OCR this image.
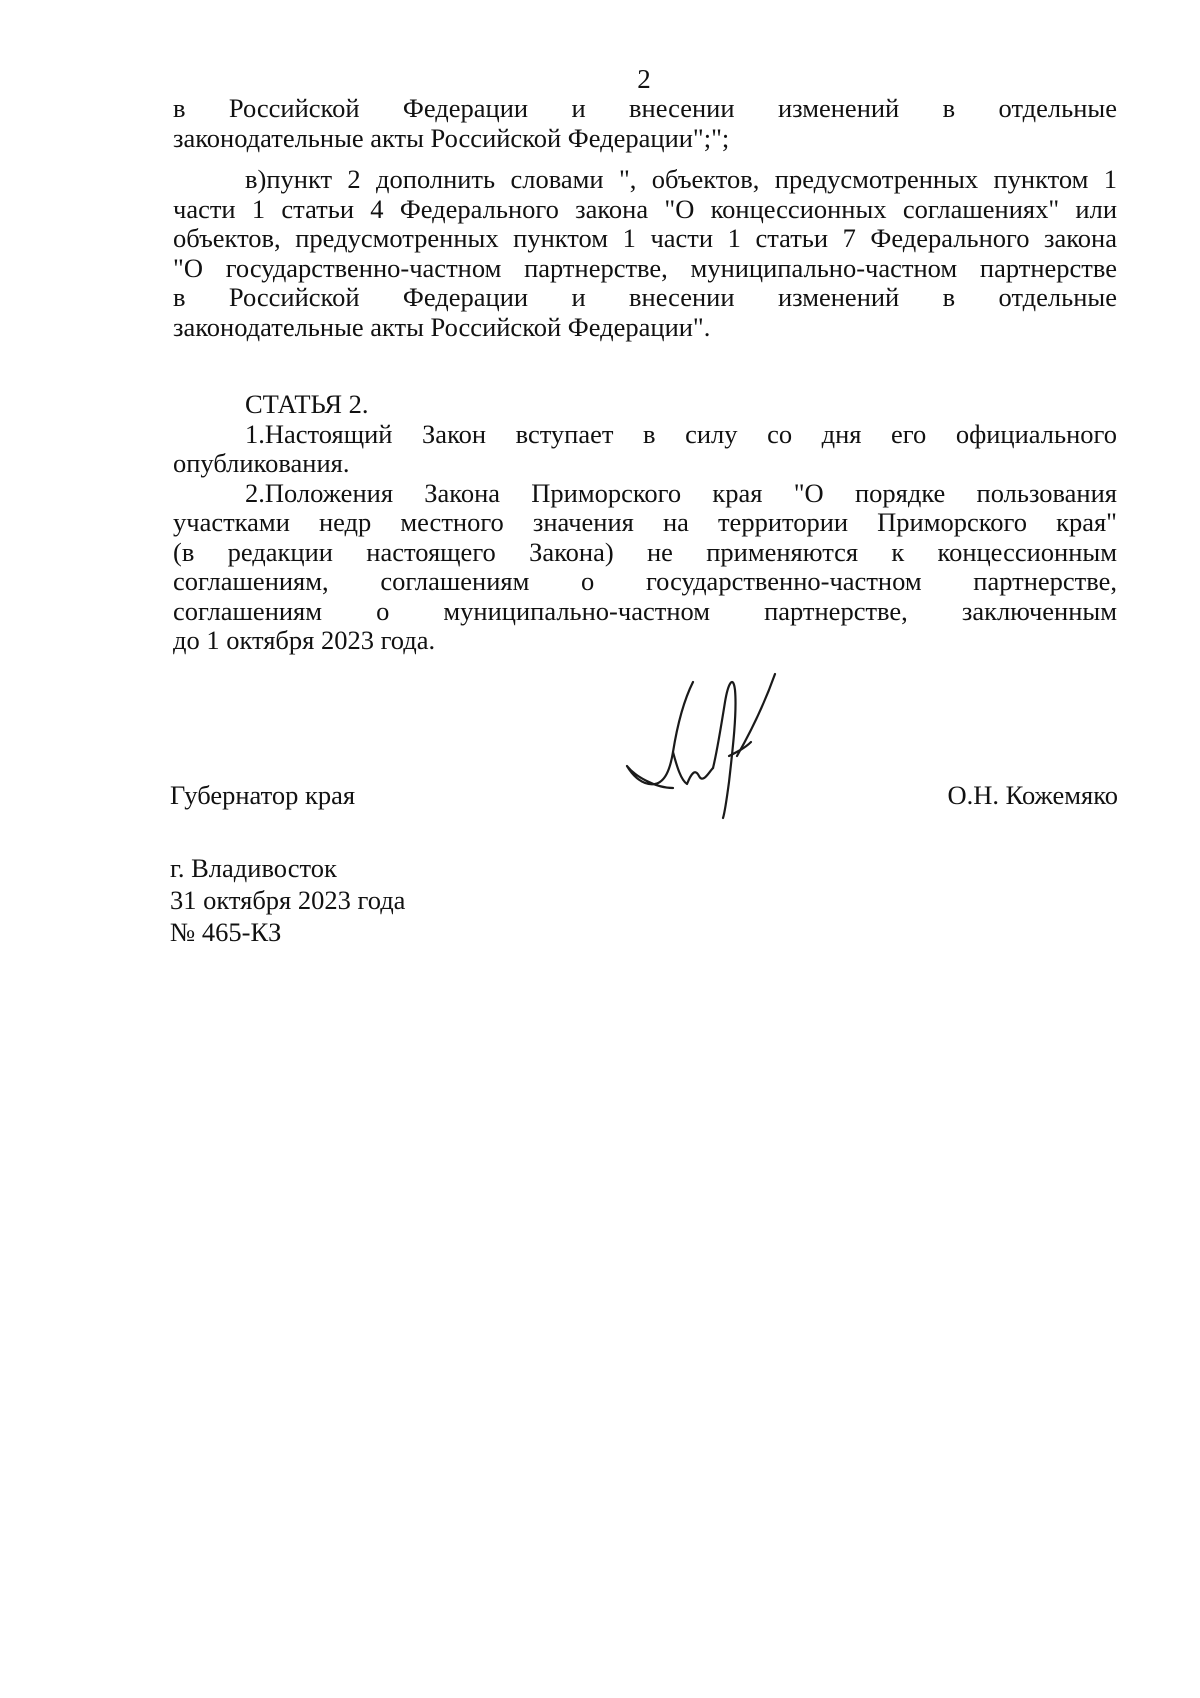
2

в Российской Федерации и внесении изменений в отдельные

законодательные акты Российской Федерации";";

в)пункт 2 дополнить словами ", объектов, предусмотренных пунктом 1

части 1 статьи 4 Федерального закона "О концессионных соглашениях" или

объектов, предусмотренных пунктом 1 части 1 статьи 7 Федерального закона

"О государственно-частном партнерстве, муниципально-частном партнерстве

в Российской Федерации и внесении изменений в отдельные

законодательные акты Российской Федерации".

СТАТЬЯ 2.

1.Настоящий Закон вступает в силу со дня его официального

опубликования.

2.Положения Закона Приморского края "О порядке пользования

участками недр местного значения на территории Приморского края"

(в редакции настоящего Закона) не применяются к концессионным

соглашениям, соглашениям о государственно-частном партнерстве,

соглашениям о муниципально-частном партнерстве, заключенным

до 1 октября 2023 года.

Губернатор края	О.Н. Кожемяко
г. Владивосток
31 октября 2023 года
№ 465-КЗ
